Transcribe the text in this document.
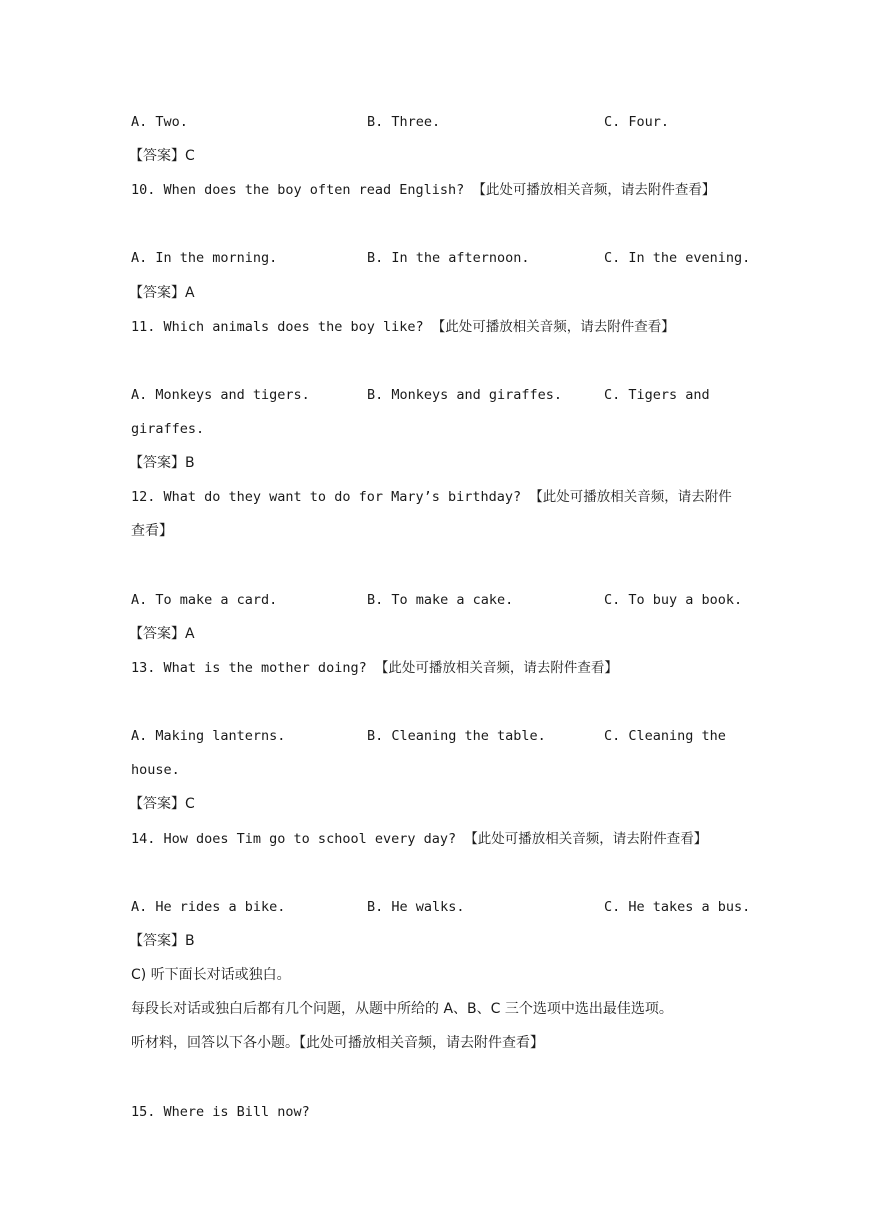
A. Two.	B. Three.	C. Four.
【答案】C
10. When does the boy often read English? 【此处可播放相关音频，请去附件查看】
A. In the morning.	B. In the afternoon.	C. In the evening.
【答案】A
11. Which animals does the boy like? 【此处可播放相关音频，请去附件查看】
A. Monkeys and tigers.	B. Monkeys and giraffes.	C. Tigers and
giraffes.
【答案】B
12. What do they want to do for Mary’s birthday? 【此处可播放相关音频，请去附件
查看】
A. To make a card.	B. To make a cake.	C. To buy a book.
【答案】A
13. What is the mother doing? 【此处可播放相关音频，请去附件查看】
A. Making lanterns.	B. Cleaning the table.	C. Cleaning the
house.
【答案】C
14. How does Tim go to school every day? 【此处可播放相关音频，请去附件查看】
A. He rides a bike.	B. He walks.	C. He takes a bus.
【答案】B
C) 听下面长对话或独白。
每段长对话或独白后都有几个问题，从题中所给的 A、B、C 三个选项中选出最佳选项。
听材料，回答以下各小题。【此处可播放相关音频，请去附件查看】
15. Where is Bill now?
